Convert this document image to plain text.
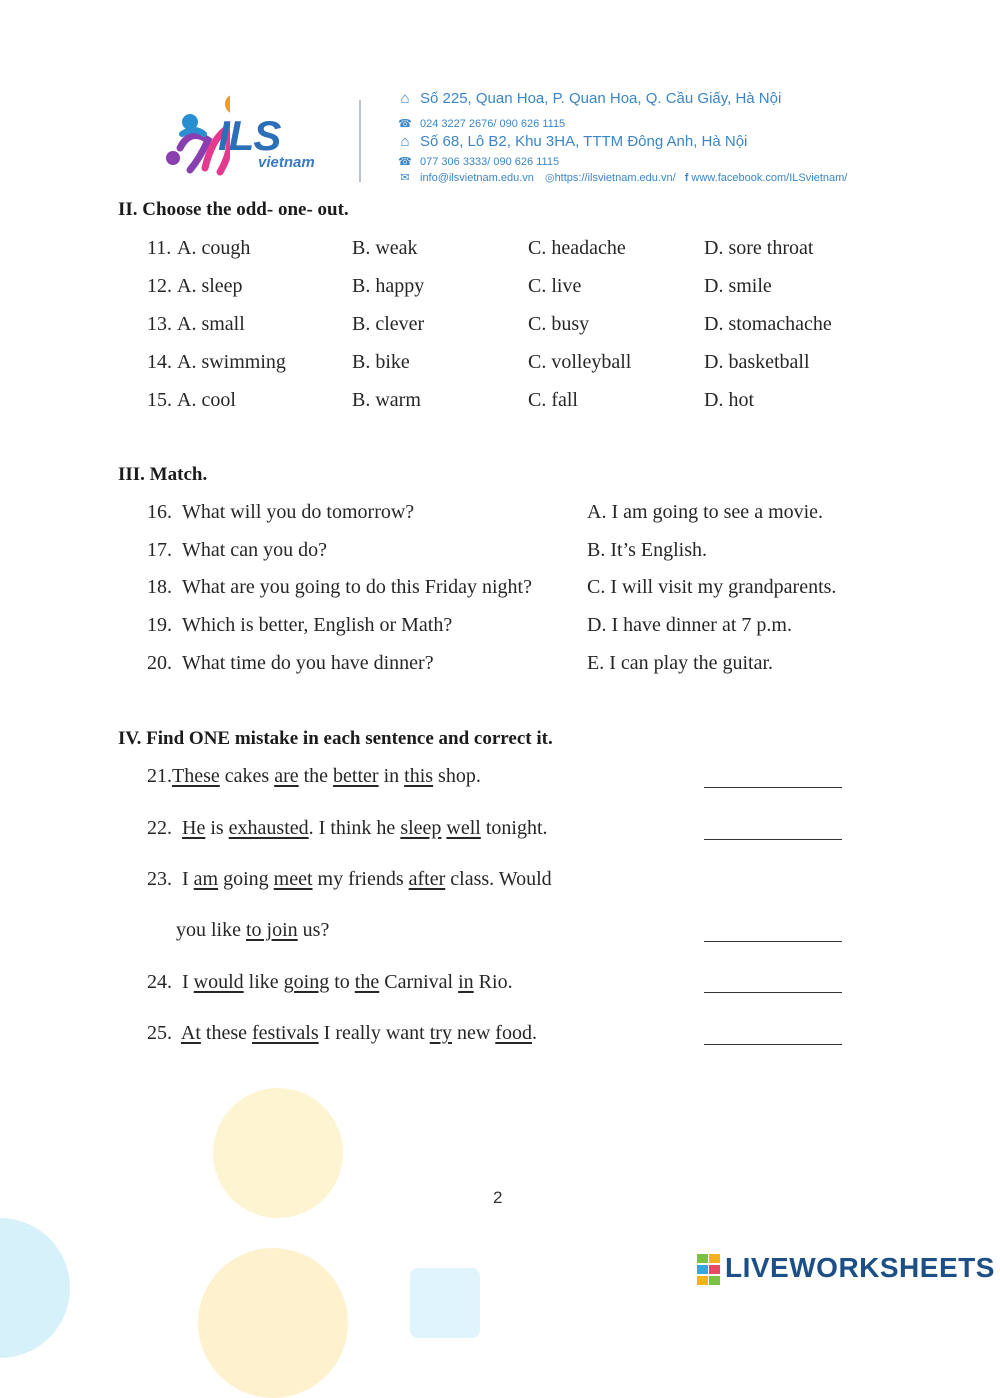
ILS
vietnam
⌂ Số 225, Quan Hoa, P. Quan Hoa, Q. Cầu Giấy, Hà Nội
☎ 024 3227 2676/ 090 626 1115
⌂ Số 68, Lô B2, Khu 3HA, TTTM Đông Anh, Hà Nội
☎ 077 306 3333/ 090 626 1115
✉ info@ilsvietnam.edu.vn ◎https://ilsvietnam.edu.vn/ f www.facebook.com/ILSvietnam/
II. Choose the odd- one- out.
11. A. cough	B. weak	C. headache	D. sore throat
12. A. sleep	B. happy	C. live	D. smile
13. A. small	B. clever	C. busy	D. stomachache
14. A. swimming	B. bike	C. volleyball	D. basketball
15. A. cool	B. warm	C. fall	D. hot
III. Match.
16. What will you do tomorrow?	A. I am going to see a movie.
17. What can you do?	B. It’s English.
18. What are you going to do this Friday night?	C. I will visit my grandparents.
19. Which is better, English or Math?	D. I have dinner at 7 p.m.
20. What time do you have dinner?	E. I can play the guitar.
IV. Find ONE mistake in each sentence and correct it.
21.These cakes are the better in this shop.
22. He is exhausted. I think he sleep well tonight.
23. I am going meet my friends after class. Would
you like to join us?
24. I would like going to the Carnival in Rio.
25. At these festivals I really want try new food.
2
LIVEWORKSHEETS
